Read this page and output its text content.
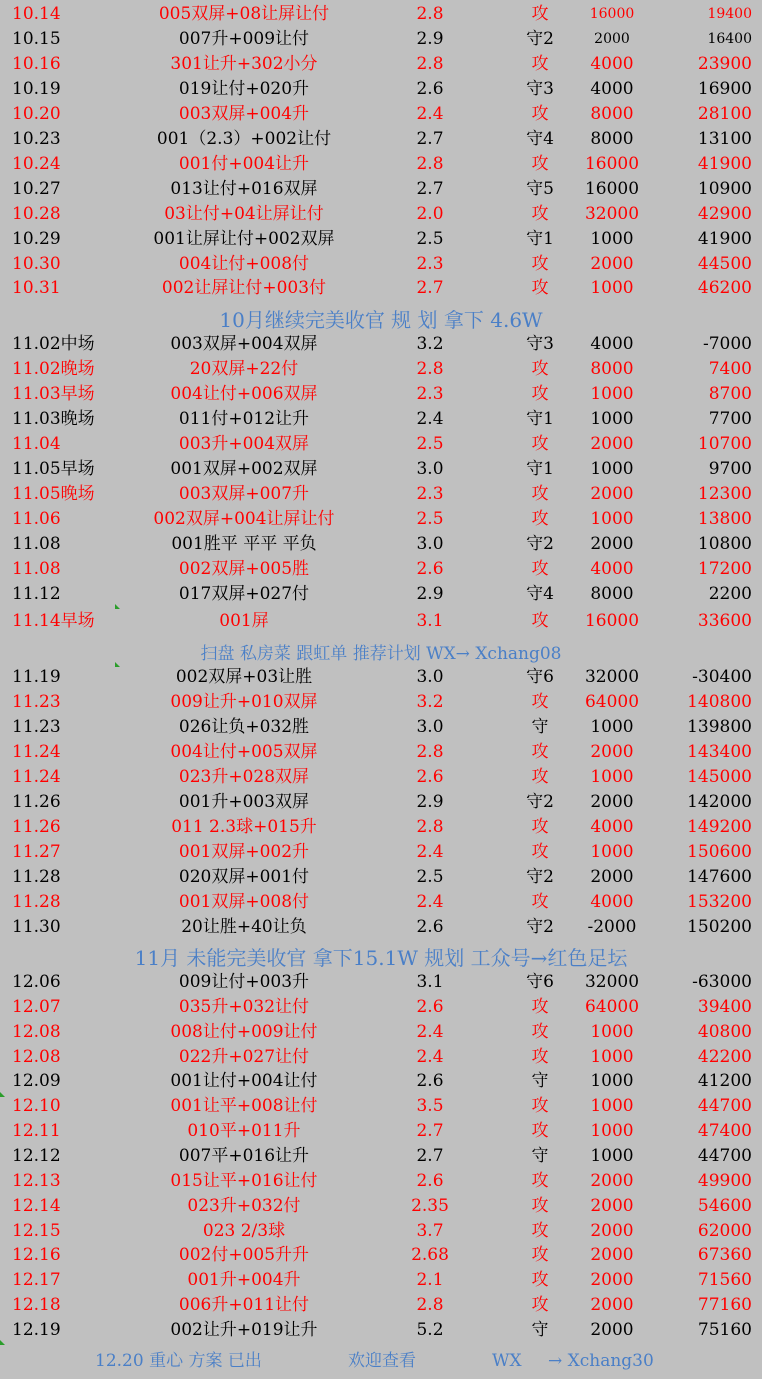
10.14	005双屏+08让屏让付	2.8	攻	16000	19400
10.15	007升+009让付	2.9	守2	2000	16400
10.16	301让升+302小分	2.8	攻	4000	23900
10.19	019让付+020升	2.6	守3	4000	16900
10.20	003双屏+004升	2.4	攻	8000	28100
10.23	001（2.3）+002让付	2.7	守4	8000	13100
10.24	001付+004让升	2.8	攻	16000	41900
10.27	013让付+016双屏	2.7	守5	16000	10900
10.28	03让付+04让屏让付	2.0	攻	32000	42900
10.29	001让屏让付+002双屏	2.5	守1	1000	41900
10.30	004让付+008付	2.3	攻	2000	44500
10.31	002让屏让付+003付	2.7	攻	1000	46200
11.02中场	003双屏+004双屏	3.2	守3	4000	-7000
11.02晚场	20双屏+22付	2.8	攻	8000	7400
11.03早场	004让付+006双屏	2.3	攻	1000	8700
11.03晚场	011付+012让升	2.4	守1	1000	7700
11.04	003升+004双屏	2.5	攻	2000	10700
11.05早场	001双屏+002双屏	3.0	守1	1000	9700
11.05晚场	003双屏+007升	2.3	攻	2000	12300
11.06	002双屏+004让屏让付	2.5	攻	1000	13800
11.08	001胜平 平平 平负	3.0	守2	2000	10800
11.08	002双屏+005胜	2.6	攻	4000	17200
11.12	017双屏+027付	2.9	守4	8000	2200
11.14早场	001屏	3.1	攻	16000	33600
11.19	002双屏+03让胜	3.0	守6	32000	-30400
11.23	009让升+010双屏	3.2	攻	64000	140800
11.23	026让负+032胜	3.0	守	1000	139800
11.24	004让付+005双屏	2.8	攻	2000	143400
11.24	023升+028双屏	2.6	攻	1000	145000
11.26	001升+003双屏	2.9	守2	2000	142000
11.26	011 2.3球+015升	2.8	攻	4000	149200
11.27	001双屏+002升	2.4	攻	1000	150600
11.28	020双屏+001付	2.5	守2	2000	147600
11.28	001双屏+008付	2.4	攻	4000	153200
11.30	20让胜+40让负	2.6	守2	-2000	150200
12.06	009让付+003升	3.1	守6	32000	-63000
12.07	035升+032让付	2.6	攻	64000	39400
12.08	008让付+009让付	2.4	攻	1000	40800
12.08	022升+027让付	2.4	攻	1000	42200
12.09	001让付+004让付	2.6	守	1000	41200
12.10	001让平+008让付	3.5	攻	1000	44700
12.11	010平+011升	2.7	攻	1000	47400
12.12	007平+016让升	2.7	守	1000	44700
12.13	015让平+016让付	2.6	攻	2000	49900
12.14	023升+032付	2.35	攻	2000	54600
12.15	023 2/3球	3.7	攻	2000	62000
12.16	002付+005升升	2.68	攻	2000	67360
12.17	001升+004升	2.1	攻	2000	71560
12.18	006升+011让付	2.8	攻	2000	77160
12.19	002让升+019让升	5.2	守	2000	75160
10月继续完美收官 规 划 拿下 4.6W
扫盘 私房菜 跟虹单 推荐计划 WX→ Xchang08
11月 未能完美收官 拿下15.1W 规划 工众号→红色足坛
12.20 重心 方案 已出	欢迎查看	WX → Xchang30
